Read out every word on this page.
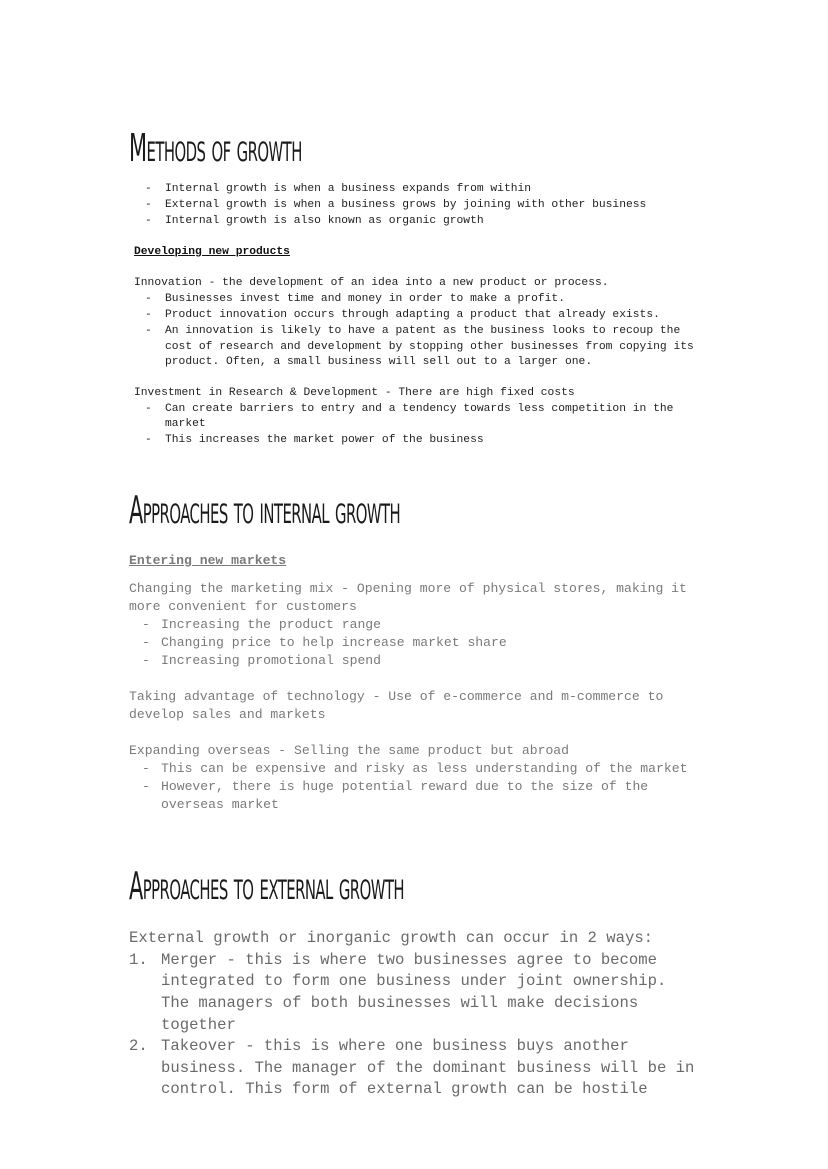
Methods of growth
- Internal growth is when a business expands from within
- External growth is when a business grows by joining with other business
- Internal growth is also known as organic growth
Developing new products
Innovation - the development of an idea into a new product or process.
- Businesses invest time and money in order to make a profit.
- Product innovation occurs through adapting a product that already exists.
- An innovation is likely to have a patent as the business looks to recoup the
cost of research and development by stopping other businesses from copying its
product. Often, a small business will sell out to a larger one.
Investment in Research & Development - There are high fixed costs
- Can create barriers to entry and a tendency towards less competition in the
market
- This increases the market power of the business
Approaches to internal growth
Entering new markets
Changing the marketing mix - Opening more of physical stores, making it
more convenient for customers
- Increasing the product range
- Changing price to help increase market share
- Increasing promotional spend
Taking advantage of technology - Use of e-commerce and m-commerce to
develop sales and markets
Expanding overseas - Selling the same product but abroad
- This can be expensive and risky as less understanding of the market
- However, there is huge potential reward due to the size of the
overseas market
Approaches to external growth
External growth or inorganic growth can occur in 2 ways:
1. Merger - this is where two businesses agree to become
integrated to form one business under joint ownership.
The managers of both businesses will make decisions
together
2. Takeover - this is where one business buys another
business. The manager of the dominant business will be in
control. This form of external growth can be hostile
